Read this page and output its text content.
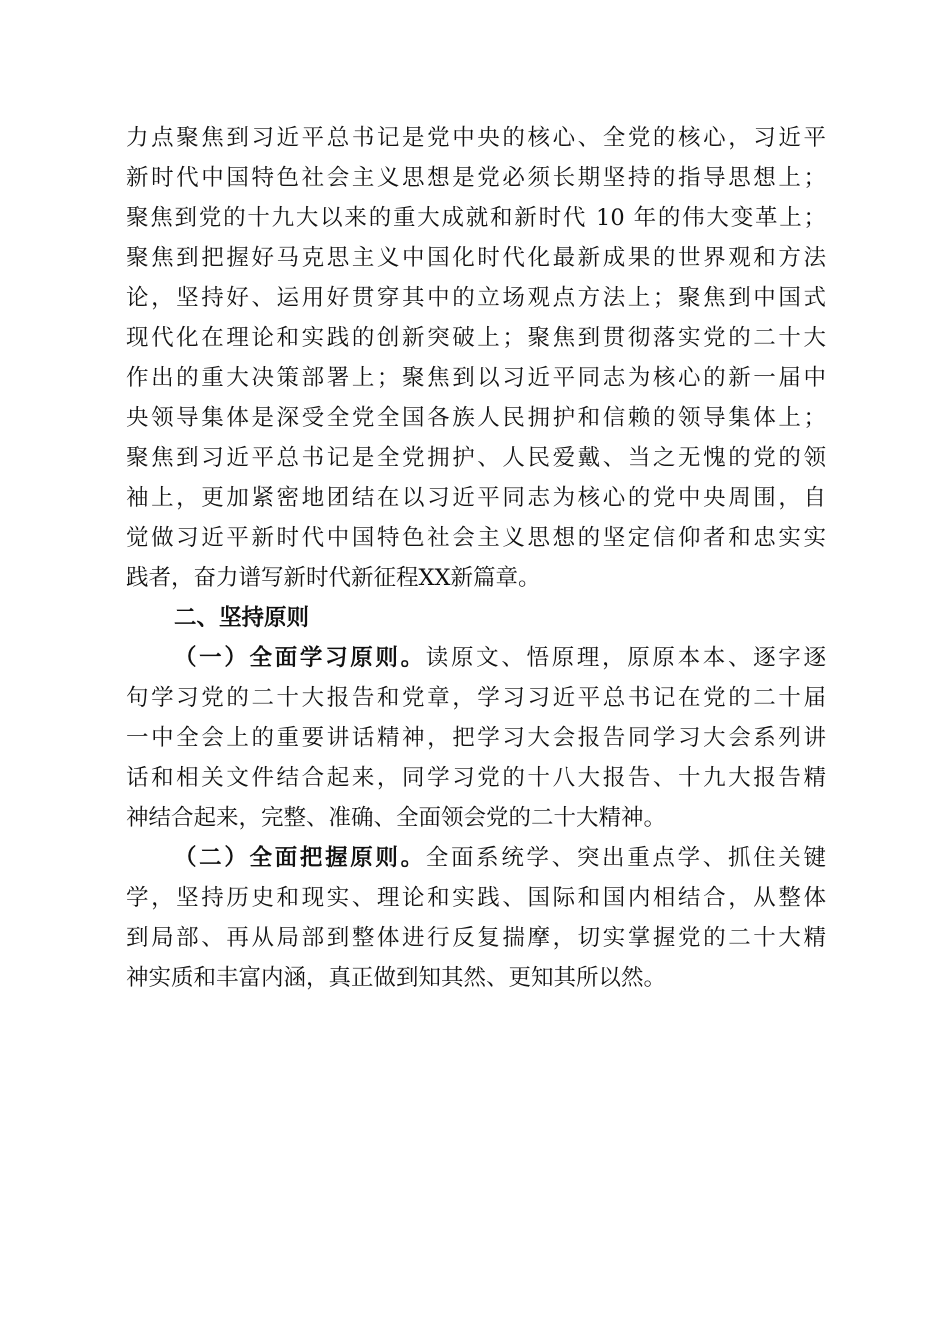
力点聚焦到习近平总书记是党中央的核心、全党的核心，习近平
新时代中国特色社会主义思想是党必须长期坚持的指导思想上；
聚焦到党的十九大以来的重大成就和新时代 10 年的伟大变革上；
聚焦到把握好马克思主义中国化时代化最新成果的世界观和方法
论，坚持好、运用好贯穿其中的立场观点方法上；聚焦到中国式
现代化在理论和实践的创新突破上；聚焦到贯彻落实党的二十大
作出的重大决策部署上；聚焦到以习近平同志为核心的新一届中
央领导集体是深受全党全国各族人民拥护和信赖的领导集体上；
聚焦到习近平总书记是全党拥护、人民爱戴、当之无愧的党的领
袖上，更加紧密地团结在以习近平同志为核心的党中央周围，自
觉做习近平新时代中国特色社会主义思想的坚定信仰者和忠实实
践者，奋力谱写新时代新征程XX新篇章。
二、坚持原则
（一）全面学习原则。读原文、悟原理，原原本本、逐字逐
句学习党的二十大报告和党章，学习习近平总书记在党的二十届
一中全会上的重要讲话精神，把学习大会报告同学习大会系列讲
话和相关文件结合起来，同学习党的十八大报告、十九大报告精
神结合起来，完整、准确、全面领会党的二十大精神。
（二）全面把握原则。全面系统学、突出重点学、抓住关键
学，坚持历史和现实、理论和实践、国际和国内相结合，从整体
到局部、再从局部到整体进行反复揣摩，切实掌握党的二十大精
神实质和丰富内涵，真正做到知其然、更知其所以然。
